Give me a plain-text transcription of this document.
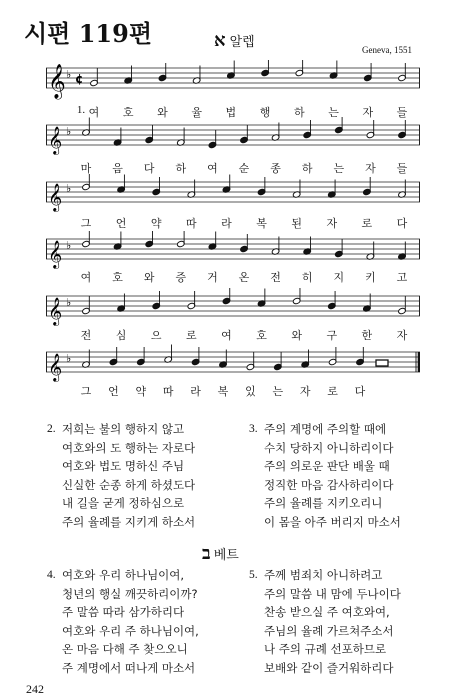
시편 119편	א 알렙	Geneva, 1551
𝄞 ♭ ¢
1. 여 호 와 율 법 행 하 는 자 들
𝄞 ♭
마 음 다 하 여 순 종 하 는 자 들
𝄞 ♭
그 언 약 따 라 복 된 자 로 다
𝄞 ♭
여 호 와 증 거 온 전 히 지 키 고
𝄞 ♭
전 심 으 로 여 호 와 구 한 자
𝄞 ♭
그 언 약 따 라 복 있 는 자 로 다
2. 저희는 불의 행하지 않고
여호와의 도 행하는 자로다
여호와 법도 명하신 주님
신실한 순종 하게 하셨도다
내 길을 굳게 정하심으로
주의 율례를 지키게 하소서
3. 주의 계명에 주의할 때에
수치 당하지 아니하리이다
주의 의로운 판단 배울 때
정직한 마음 감사하리이다
주의 율례를 지키오리니
이 몸을 아주 버리지 마소서
ב 베트
4. 여호와 우리 하나님이여,
청년의 행실 깨끗하리이까?
주 말씀 따라 삼가하리다
여호와 우리 주 하나님이여,
온 마음 다해 주 찾으오니
주 계명에서 떠나게 마소서
5. 주께 범죄치 아니하려고
주의 말씀 내 맘에 두나이다
찬송 받으실 주 여호와여,
주님의 율례 가르쳐주소서
나 주의 규례 선포하므로
보배와 같이 즐거워하리다
242
